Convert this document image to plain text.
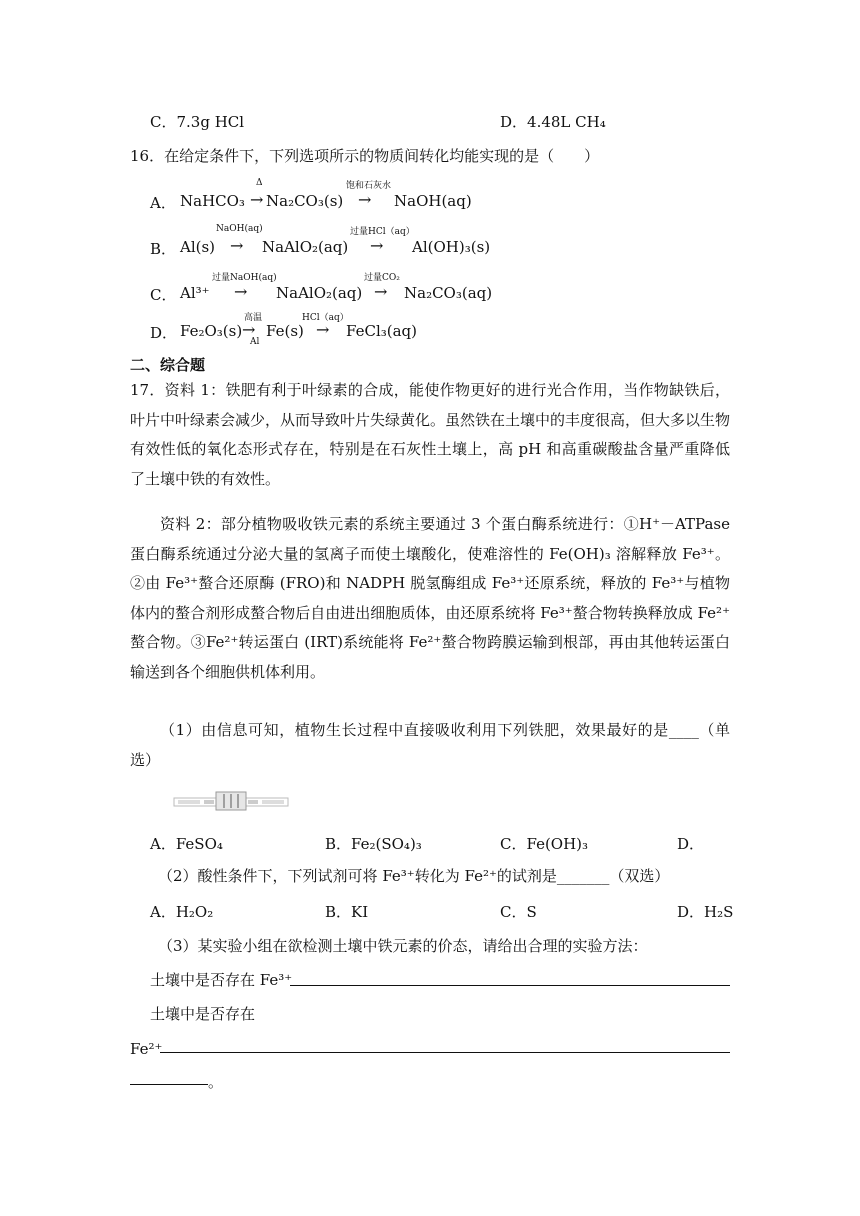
C．7.3g HCl	D．4.48L CH₄
16．在给定条件下，下列选项所示的物质间转化均能实现的是（　　）
A． NaHCO₃
Δ
→ Na₂CO₃(s)
饱和石灰水
→ NaOH(aq)
B． Al(s)
NaOH(aq)
→ NaAlO₂(aq)
过量HCl（aq）
→ Al(OH)₃(s)
C． Al³⁺
过量NaOH(aq)
→ NaAlO₂(aq)
过量CO₂
→ Na₂CO₃(aq)
D． Fe₂O₃(s)
高温
→
Al
Fe(s)
HCl（aq）
→ FeCl₃(aq)
二、综合题
17．资料 1：铁肥有利于叶绿素的合成，能使作物更好的进行光合作用，当作物缺铁后，叶片中叶绿素会减少，从而导致叶片失绿黄化。虽然铁在土壤中的丰度很高，但大多以生物有效性低的氧化态形式存在，特别是在石灰性土壤上，高 pH 和高重碳酸盐含量严重降低了土壤中铁的有效性。
资料 2：部分植物吸收铁元素的系统主要通过 3 个蛋白酶系统进行：①H⁺－ATPase 蛋白酶系统通过分泌大量的氢离子而使土壤酸化，使难溶性的 Fe(OH)₃ 溶解释放 Fe³⁺。②由 Fe³⁺螯合还原酶 (FRO)和 NADPH 脱氢酶组成 Fe³⁺还原系统，释放的 Fe³⁺与植物体内的螯合剂形成螯合物后自由进出细胞质体，由还原系统将 Fe³⁺螯合物转换释放成 Fe²⁺螯合物。③Fe²⁺转运蛋白 (IRT)系统能将 Fe²⁺螯合物跨膜运输到根部，再由其他转运蛋白输送到各个细胞供机体利用。
（1）由信息可知，植物生长过程中直接吸收利用下列铁肥，效果最好的是____（单选）
A．FeSO₄	B．Fe₂(SO₄)₃	C．Fe(OH)₃	D．
（2）酸性条件下，下列试剂可将 Fe³⁺转化为 Fe²⁺的试剂是_______（双选）
A．H₂O₂	B．KI	C．S	D．H₂S
（3）某实验小组在欲检测土壤中铁元素的价态，请给出合理的实验方法：
土壤中是否存在 Fe³⁺
土壤中是否存在
Fe²⁺
。
